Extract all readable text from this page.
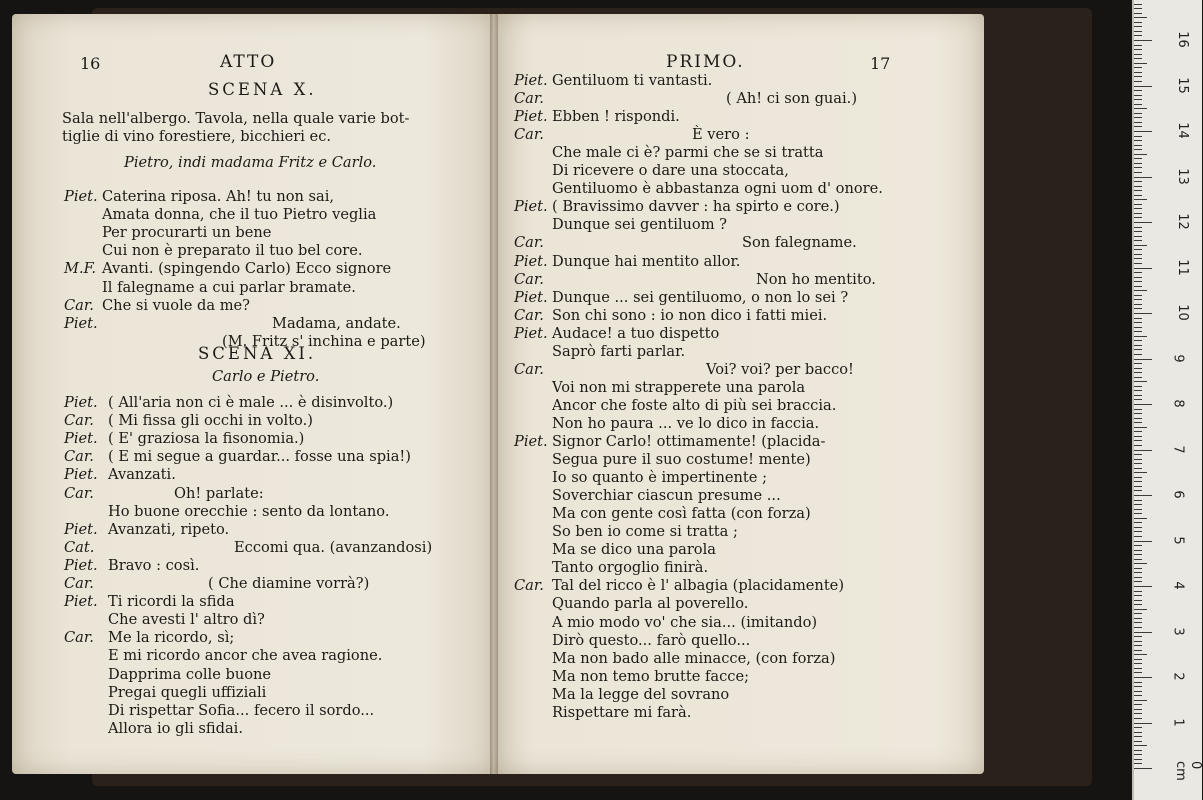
16	ATTO
SCENA X.
Sala nell'albergo. Tavola, nella quale varie bot-
tiglie di vino forestiere, bicchieri ec.
Pietro, indi madama Fritz e Carlo.
Piet. Caterina riposa. Ah! tu non sai,
Amata donna, che il tuo Pietro veglia
Per procurarti un bene
Cui non è preparato il tuo bel core.
M.F. Avanti. (spingendo Carlo) Ecco signore
Il falegname a cui parlar bramate.
Car. Che si vuole da me?
Piet.	Madama, andate.
(M. Fritz s' inchina e parte)
SCENA XI.
Carlo e Pietro.
Piet. ( All'aria non ci è male ... è disinvolto.)
Car. ( Mi fissa gli occhi in volto.)
Piet. ( E' graziosa la fisonomia.)
Car. ( E mi segue a guardar... fosse una spia!)
Piet. Avanzati.
Car.	Oh! parlate:
Ho buone orecchie : sento da lontano.
Piet. Avanzati, ripeto.
Cat.	Eccomi qua. (avanzandosi)
Piet. Bravo : così.
Car.	( Che diamine vorrà?)
Piet. Ti ricordi la sfida
Che avesti l' altro dì?
Car. Me la ricordo, sì;
E mi ricordo ancor che avea ragione.
Dapprima colle buone
Pregai quegli uffiziali
Di rispettar Sofia... fecero il sordo...
Allora io gli sfidai.
PRIMO.	17
Piet. Gentiluom ti vantasti.
Car.	( Ah! ci son guai.)
Piet. Ebben ! rispondi.
Car.	È vero :
Che male ci è? parmi che se si tratta
Di ricevere o dare una stoccata,
Gentiluomo è abbastanza ogni uom d' onore.
Piet. ( Bravissimo davver : ha spirto e core.)
Dunque sei gentiluom ?
Car.	Son falegname.
Piet. Dunque hai mentito allor.
Car.	Non ho mentito.
Piet. Dunque ... sei gentiluomo, o non lo sei ?
Car. Son chi sono : io non dico i fatti miei.
Piet. Audace! a tuo dispetto
Saprò farti parlar.
Car.	Voi? voi? per bacco!
Voi non mi strapperete una parola
Ancor che foste alto di più sei braccia.
Non ho paura ... ve lo dico in faccia.
Piet. Signor Carlo! ottimamente! (placida-
Segua pure il suo costume! mente)
Io so quanto è impertinente ;
Soverchiar ciascun presume ...
Ma con gente così fatta (con forza)
So ben io come si tratta ;
Ma se dico una parola
Tanto orgoglio finirà.
Car. Tal del ricco è l' albagia (placidamente)
Quando parla al poverello.
A mio modo vo' che sia... (imitando)
Dirò questo... farò quello...
Ma non bado alle minacce, (con forza)
Ma non temo brutte facce;
Ma la legge del sovrano
Rispettare mi farà.
0 cm
1
2
3
4
5
6
7
8
9
10
11
12
13
14
15
16
